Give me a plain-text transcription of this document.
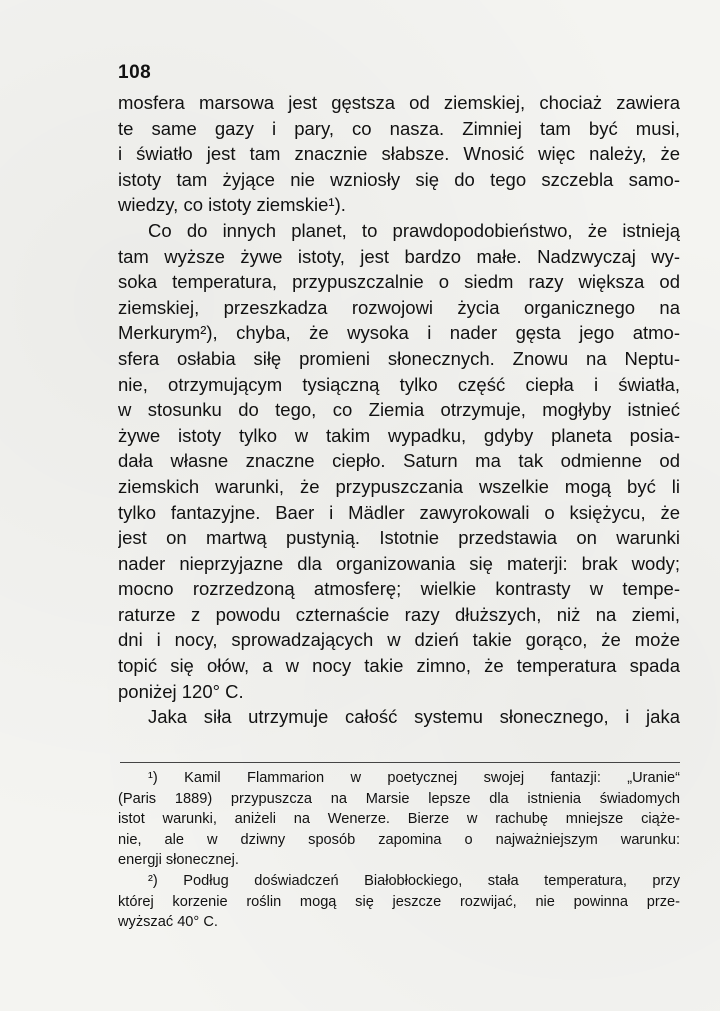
108
mosfera marsowa jest gęstsza od ziemskiej, chociaż zawiera
te same gazy i pary, co nasza. Zimniej tam być musi,
i światło jest tam znacznie słabsze. Wnosić więc należy, że
istoty tam żyjące nie wzniosły się do tego szczebla samo-
wiedzy, co istoty ziemskie¹).
Co do innych planet, to prawdopodobieństwo, że istnieją
tam wyższe żywe istoty, jest bardzo małe. Nadzwyczaj wy-
soka temperatura, przypuszczalnie o siedm razy większa od
ziemskiej, przeszkadza rozwojowi życia organicznego na
Merkurym²), chyba, że wysoka i nader gęsta jego atmo-
sfera osłabia siłę promieni słonecznych. Znowu na Neptu-
nie, otrzymującym tysiączną tylko część ciepła i światła,
w stosunku do tego, co Ziemia otrzymuje, mogłyby istnieć
żywe istoty tylko w takim wypadku, gdyby planeta posia-
dała własne znaczne ciepło. Saturn ma tak odmienne od
ziemskich warunki, że przypuszczania wszelkie mogą być li
tylko fantazyjne. Baer i Mädler zawyrokowali o księżycu, że
jest on martwą pustynią. Istotnie przedstawia on warunki
nader nieprzyjazne dla organizowania się materji: brak wody;
mocno rozrzedzoną atmosferę; wielkie kontrasty w tempe-
raturze z powodu czternaście razy dłuższych, niż na ziemi,
dni i nocy, sprowadzających w dzień takie gorąco, że może
topić się ołów, a w nocy takie zimno, że temperatura spada
poniżej 120° C.
Jaka siła utrzymuje całość systemu słonecznego, i jaka
¹) Kamil Flammarion w poetycznej swojej fantazji: „Uranie“
(Paris 1889) przypuszcza na Marsie lepsze dla istnienia świadomych
istot warunki, aniżeli na Wenerze. Bierze w rachubę mniejsze ciąże-
nie, ale w dziwny sposób zapomina o najważniejszym warunku:
energji słonecznej.
²) Podług doświadczeń Białobłockiego, stała temperatura, przy
której korzenie roślin mogą się jeszcze rozwijać, nie powinna prze-
wyższać 40° C.
